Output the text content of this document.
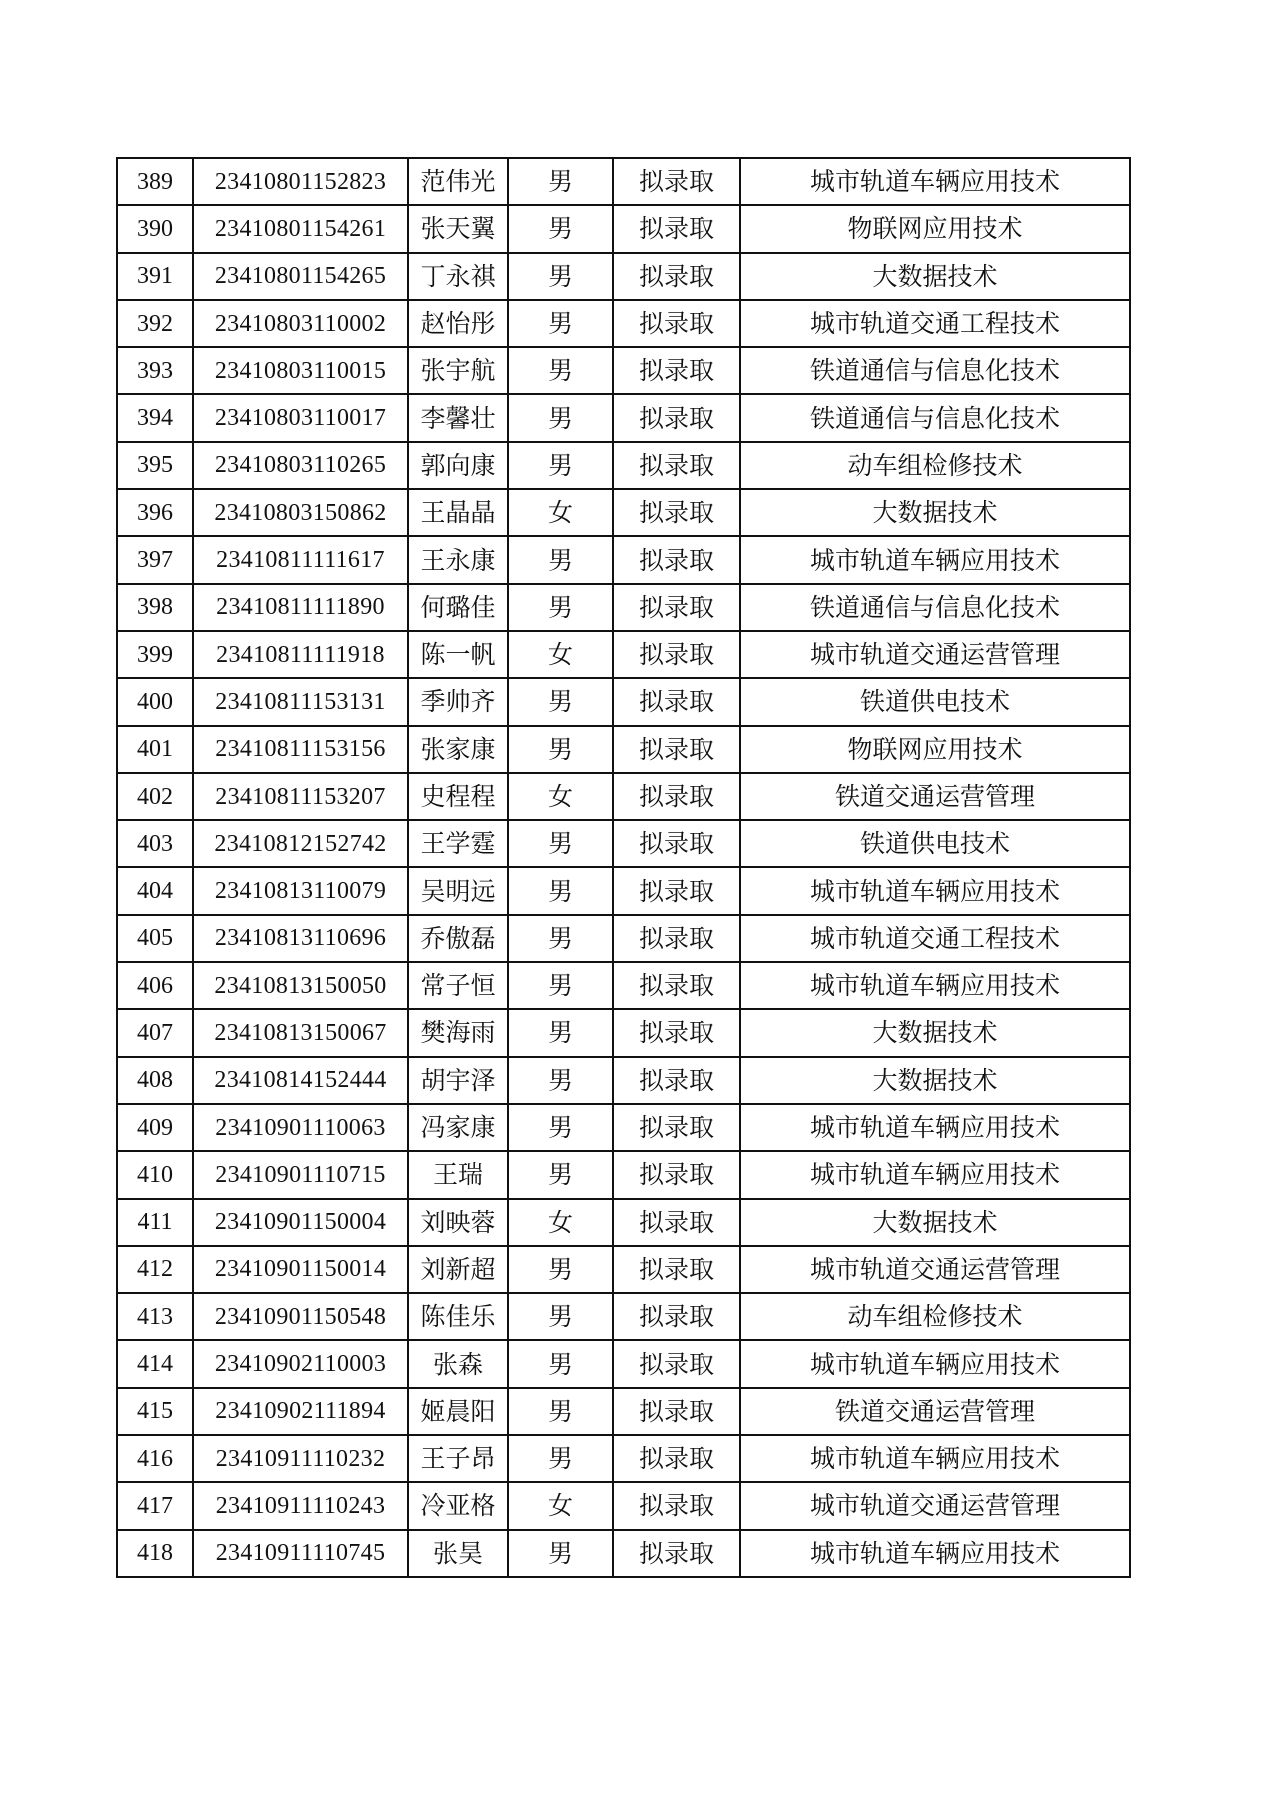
389	23410801152823	范伟光	男	拟录取	城市轨道车辆应用技术
390	23410801154261	张天翼	男	拟录取	物联网应用技术
391	23410801154265	丁永祺	男	拟录取	大数据技术
392	23410803110002	赵怡彤	男	拟录取	城市轨道交通工程技术
393	23410803110015	张宇航	男	拟录取	铁道通信与信息化技术
394	23410803110017	李馨壮	男	拟录取	铁道通信与信息化技术
395	23410803110265	郭向康	男	拟录取	动车组检修技术
396	23410803150862	王晶晶	女	拟录取	大数据技术
397	23410811111617	王永康	男	拟录取	城市轨道车辆应用技术
398	23410811111890	何璐佳	男	拟录取	铁道通信与信息化技术
399	23410811111918	陈一帆	女	拟录取	城市轨道交通运营管理
400	23410811153131	季帅齐	男	拟录取	铁道供电技术
401	23410811153156	张家康	男	拟录取	物联网应用技术
402	23410811153207	史程程	女	拟录取	铁道交通运营管理
403	23410812152742	王学霆	男	拟录取	铁道供电技术
404	23410813110079	吴明远	男	拟录取	城市轨道车辆应用技术
405	23410813110696	乔傲磊	男	拟录取	城市轨道交通工程技术
406	23410813150050	常子恒	男	拟录取	城市轨道车辆应用技术
407	23410813150067	樊海雨	男	拟录取	大数据技术
408	23410814152444	胡宇泽	男	拟录取	大数据技术
409	23410901110063	冯家康	男	拟录取	城市轨道车辆应用技术
410	23410901110715	王瑞	男	拟录取	城市轨道车辆应用技术
411	23410901150004	刘映蓉	女	拟录取	大数据技术
412	23410901150014	刘新超	男	拟录取	城市轨道交通运营管理
413	23410901150548	陈佳乐	男	拟录取	动车组检修技术
414	23410902110003	张森	男	拟录取	城市轨道车辆应用技术
415	23410902111894	姬晨阳	男	拟录取	铁道交通运营管理
416	23410911110232	王子昂	男	拟录取	城市轨道车辆应用技术
417	23410911110243	冷亚格	女	拟录取	城市轨道交通运营管理
418	23410911110745	张昊	男	拟录取	城市轨道车辆应用技术
